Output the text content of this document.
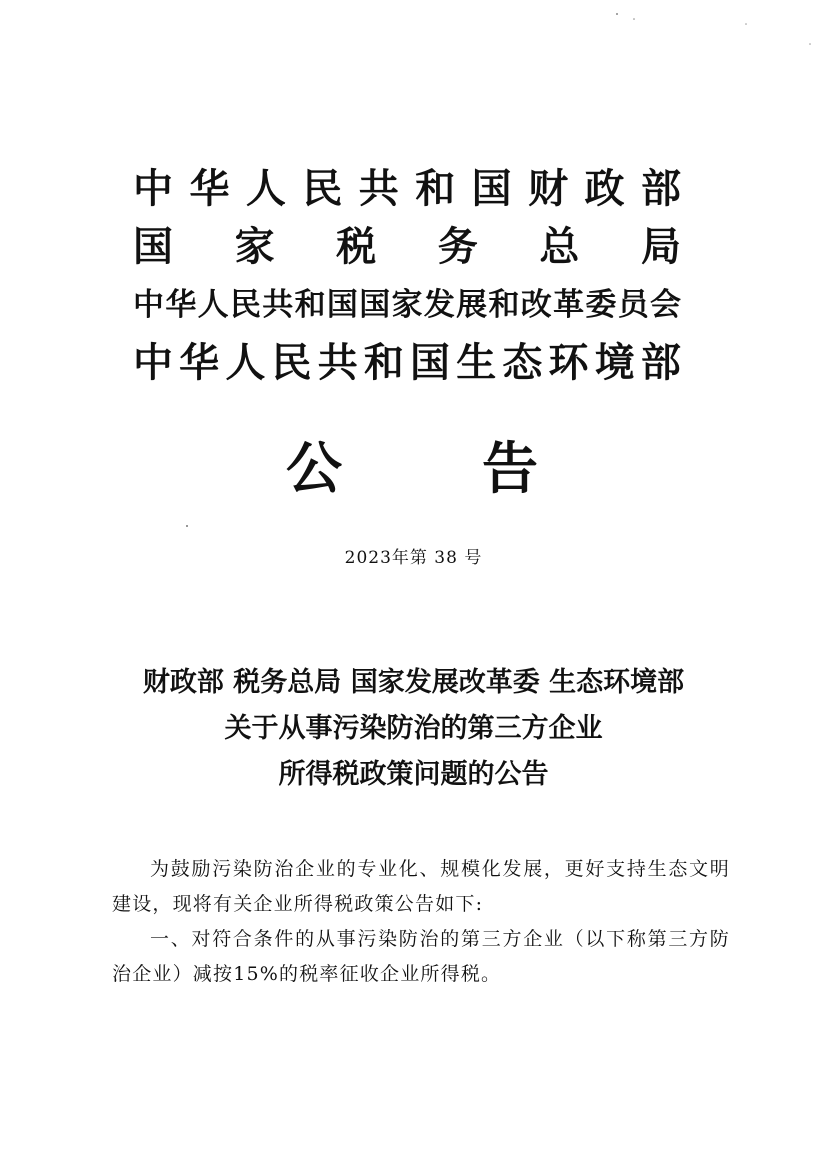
中 华 人 民 共 和 国 财 政 部
国 家 税 务 总 局
中 华 人 民 共 和 国 国 家 发 展 和 改 革 委 员 会
中 华 人 民 共 和 国 生 态 环 境 部
公	告
2023年第 38 号
财政部 税务总局 国家发展改革委 生态环境部
关于从事污染防治的第三方企业
所得税政策问题的公告

为鼓励污染防治企业的专业化、规模化发展，更好支持生态文明建设，现将有关企业所得税政策公告如下:

一、对符合条件的从事污染防治的第三方企业（以下称第三方防治企业）减按15%的税率征收企业所得税。
